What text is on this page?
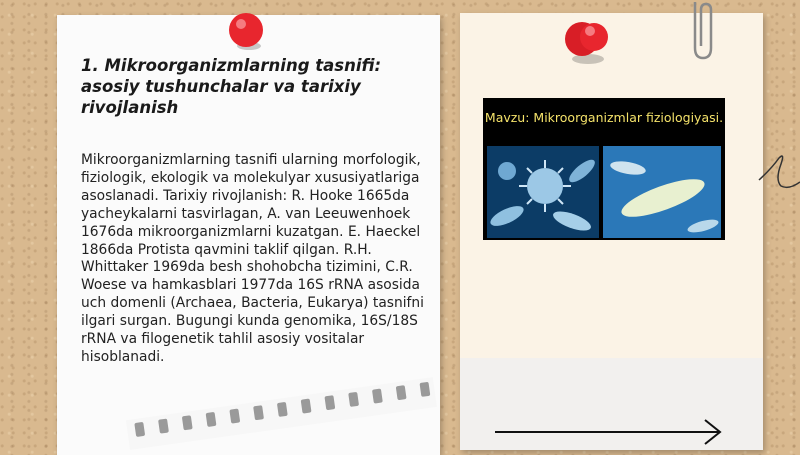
1. Mikroorganizmlarning tasnifi: asosiy tushunchalar va tarixiy rivojlanish

Mikroorganizmlarning tasnifi ularning morfologik, fiziologik, ekologik va molekulyar xususiyatlariga asoslanadi. Tarixiy rivojlanish: R. Hooke 1665da yacheykalarni tasvirlagan, A. van Leeuwenhoek 1676da mikroorganizmlarni kuzatgan. E. Haeckel 1866da Protista qavmini taklif qilgan. R.H. Whittaker 1969da besh shohobcha tizimini, C.R. Woese va hamkasblari 1977da 16S rRNA asosida uch domenli (Archaea, Bacteria, Eukarya) tasnifni ilgari surgan. Bugungi kunda genomika, 16S/18S rRNA va filogenetik tahlil asosiy vositalar hisoblanadi.

Mavzu: Mikroorganizmlar fiziologiyasi.
